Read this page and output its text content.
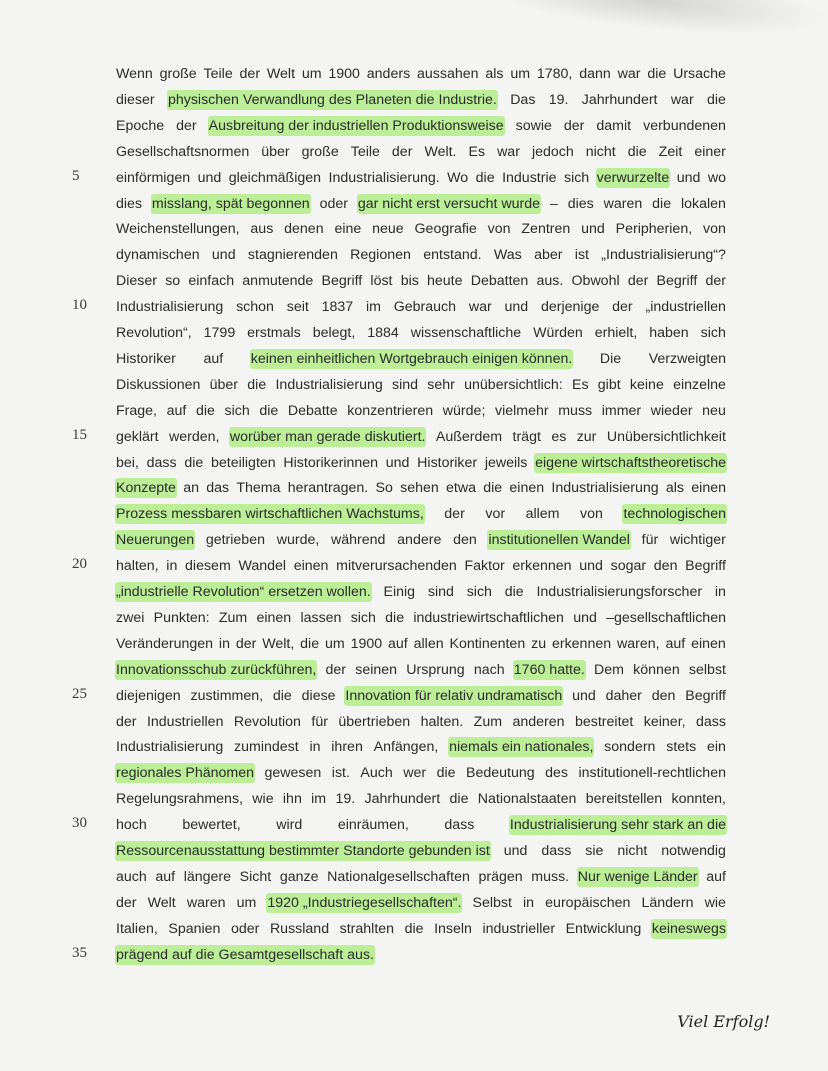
Wenn große Teile der Welt um 1900 anders aussahen als um 1780, dann war die Ursache
dieser physischen Verwandlung des Planeten die Industrie. Das 19. Jahrhundert war die
Epoche der Ausbreitung der industriellen Produktionsweise sowie der damit verbundenen
Gesellschaftsnormen über große Teile der Welt. Es war jedoch nicht die Zeit einer
einförmigen und gleichmäßigen Industrialisierung. Wo die Industrie sich verwurzelte und wo
dies misslang, spät begonnen oder gar nicht erst versucht wurde – dies waren die lokalen
Weichenstellungen, aus denen eine neue Geografie von Zentren und Peripherien, von
dynamischen und stagnierenden Regionen entstand. Was aber ist „Industrialisierung“?
Dieser so einfach anmutende Begriff löst bis heute Debatten aus. Obwohl der Begriff der
Industrialisierung schon seit 1837 im Gebrauch war und derjenige der „industriellen
Revolution“, 1799 erstmals belegt, 1884 wissenschaftliche Würden erhielt, haben sich
Historiker auf keinen einheitlichen Wortgebrauch einigen können. Die Verzweigten
Diskussionen über die Industrialisierung sind sehr unübersichtlich: Es gibt keine einzelne
Frage, auf die sich die Debatte konzentrieren würde; vielmehr muss immer wieder neu
geklärt werden, worüber man gerade diskutiert. Außerdem trägt es zur Unübersichtlichkeit
bei, dass die beteiligten Historikerinnen und Historiker jeweils eigene wirtschaftstheoretische
Konzepte an das Thema herantragen. So sehen etwa die einen Industrialisierung als einen
Prozess messbaren wirtschaftlichen Wachstums, der vor allem von technologischen
Neuerungen getrieben wurde, während andere den institutionellen Wandel für wichtiger
halten, in diesem Wandel einen mitverursachenden Faktor erkennen und sogar den Begriff
„industrielle Revolution“ ersetzen wollen. Einig sind sich die Industrialisierungsforscher in
zwei Punkten: Zum einen lassen sich die industriewirtschaftlichen und –gesellschaftlichen
Veränderungen in der Welt, die um 1900 auf allen Kontinenten zu erkennen waren, auf einen
Innovationsschub zurückführen, der seinen Ursprung nach 1760 hatte. Dem können selbst
diejenigen zustimmen, die diese Innovation für relativ undramatisch und daher den Begriff
der Industriellen Revolution für übertrieben halten. Zum anderen bestreitet keiner, dass
Industrialisierung zumindest in ihren Anfängen, niemals ein nationales, sondern stets ein
regionales Phänomen gewesen ist. Auch wer die Bedeutung des institutionell-rechtlichen
Regelungsrahmens, wie ihn im 19. Jahrhundert die Nationalstaaten bereitstellen konnten,
hoch	bewertet,	wird	einräumen,	dass	Industrialisierung sehr stark an die
Ressourcenausstattung bestimmter Standorte gebunden ist und dass sie nicht notwendig
auch auf längere Sicht ganze Nationalgesellschaften prägen muss. Nur wenige Länder auf
der Welt waren um 1920 „Industriegesellschaften“. Selbst in europäischen Ländern wie
Italien, Spanien oder Russland strahlten die Inseln industrieller Entwicklung keineswegs
prägend auf die Gesamtgesellschaft aus.
5
10
15
20
25
30
35
Viel Erfolg!
